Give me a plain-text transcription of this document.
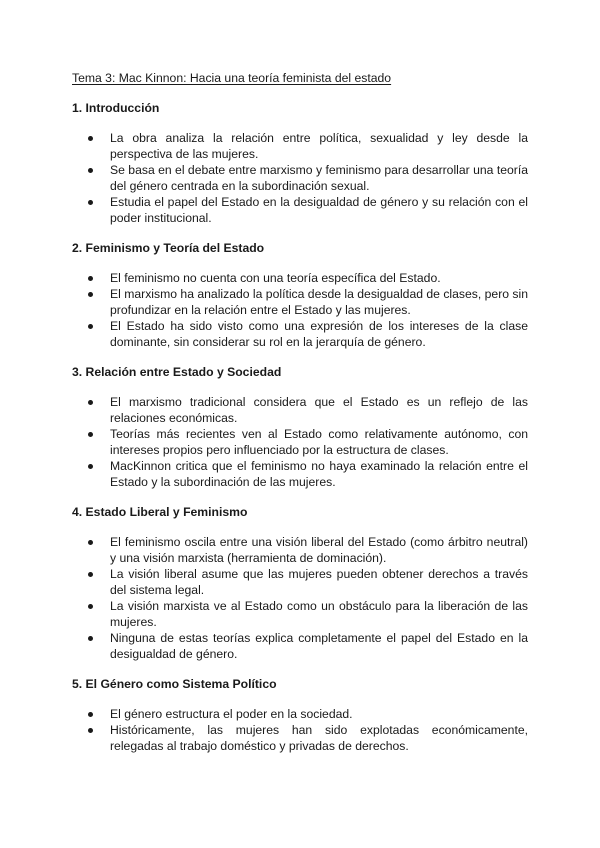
Tema 3: Mac Kinnon: Hacia una teoría feminista del estado
1. Introducción
La obra analiza la relación entre política, sexualidad y ley desde la perspectiva de las mujeres.
Se basa en el debate entre marxismo y feminismo para desarrollar una teoría del género centrada en la subordinación sexual.
Estudia el papel del Estado en la desigualdad de género y su relación con el poder institucional.
2. Feminismo y Teoría del Estado
El feminismo no cuenta con una teoría específica del Estado.
El marxismo ha analizado la política desde la desigualdad de clases, pero sin profundizar en la relación entre el Estado y las mujeres.
El Estado ha sido visto como una expresión de los intereses de la clase dominante, sin considerar su rol en la jerarquía de género.
3. Relación entre Estado y Sociedad
El marxismo tradicional considera que el Estado es un reflejo de las relaciones económicas.
Teorías más recientes ven al Estado como relativamente autónomo, con intereses propios pero influenciado por la estructura de clases.
MacKinnon critica que el feminismo no haya examinado la relación entre el Estado y la subordinación de las mujeres.
4. Estado Liberal y Feminismo
El feminismo oscila entre una visión liberal del Estado (como árbitro neutral) y una visión marxista (herramienta de dominación).
La visión liberal asume que las mujeres pueden obtener derechos a través del sistema legal.
La visión marxista ve al Estado como un obstáculo para la liberación de las mujeres.
Ninguna de estas teorías explica completamente el papel del Estado en la desigualdad de género.
5. El Género como Sistema Político
El género estructura el poder en la sociedad.
Históricamente, las mujeres han sido explotadas económicamente, relegadas al trabajo doméstico y privadas de derechos.
